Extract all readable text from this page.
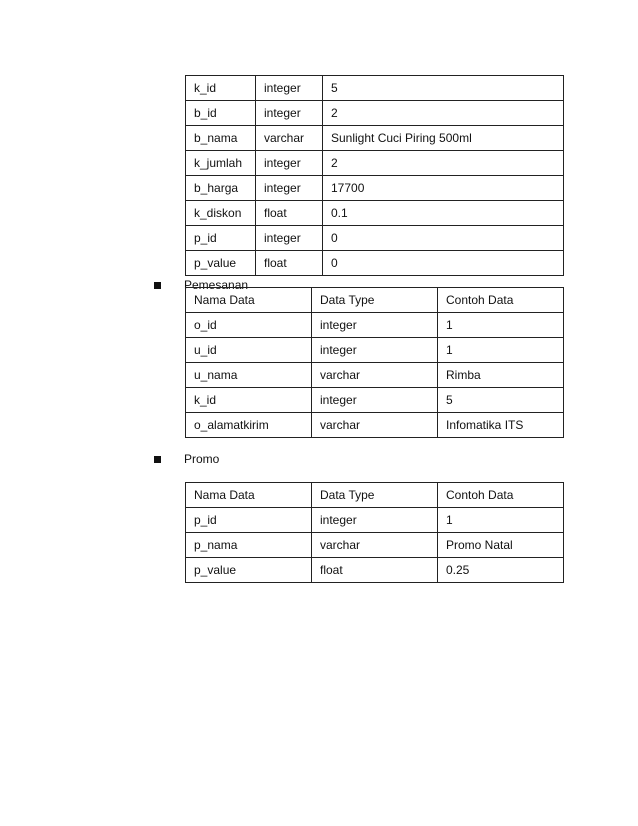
k_id	integer	5
b_id	integer	2
b_nama	varchar	Sunlight Cuci Piring 500ml
k_jumlah	integer	2
b_harga	integer	17700
k_diskon	float	0.1
p_id	integer	0
p_value	float	0
Pemesanan
Nama Data	Data Type	Contoh Data
o_id	integer	1
u_id	integer	1
u_nama	varchar	Rimba
k_id	integer	5
o_alamatkirim	varchar	Infomatika ITS
Promo
Nama Data	Data Type	Contoh Data
p_id	integer	1
p_nama	varchar	Promo Natal
p_value	float	0.25
